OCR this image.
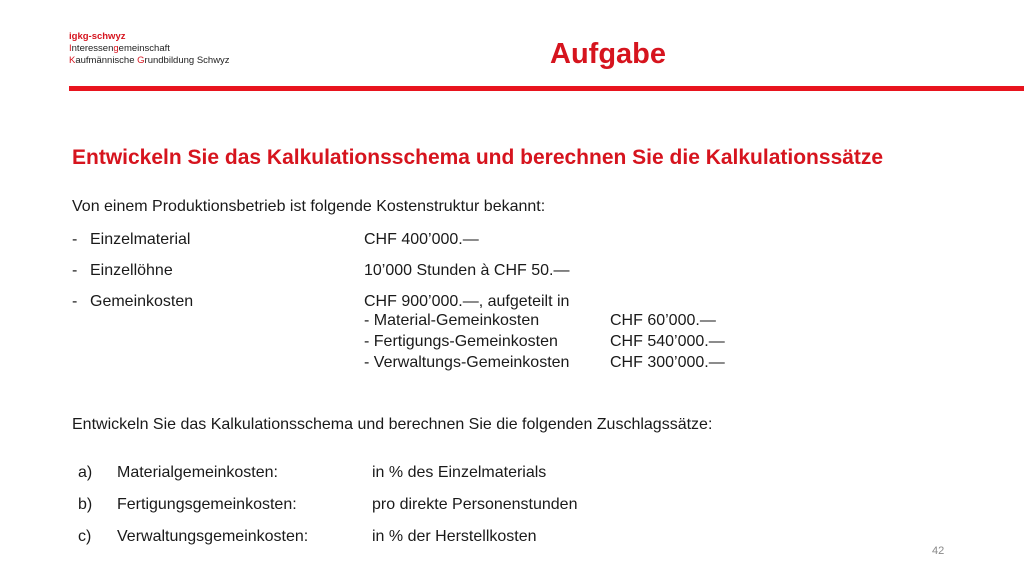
igkg-schwyz
Interessengemeinschaft
Kaufmännische Grundbildung Schwyz	Aufgabe
Entwickeln Sie das Kalkulationsschema und berechnen Sie die Kalkulationssätze

Von einem Produktionsbetrieb ist folgende Kostenstruktur bekannt:

- Einzelmaterial	CHF 400’000.—
- Einzellöhne	10’000 Stunden à CHF 50.—
- Gemeinkosten	CHF 900’000.—, aufgeteilt in
- Material-Gemeinkosten	CHF 60’000.—
- Fertigungs-Gemeinkosten	CHF 540’000.—
- Verwaltungs-Gemeinkosten	CHF 300’000.—

Entwickeln Sie das Kalkulationsschema und berechnen Sie die folgenden Zuschlagssätze:

a) Materialgemeinkosten:	in % des Einzelmaterials
b) Fertigungsgemeinkosten:	pro direkte Personenstunden
c) Verwaltungsgemeinkosten:	in % der Herstellkosten
42
